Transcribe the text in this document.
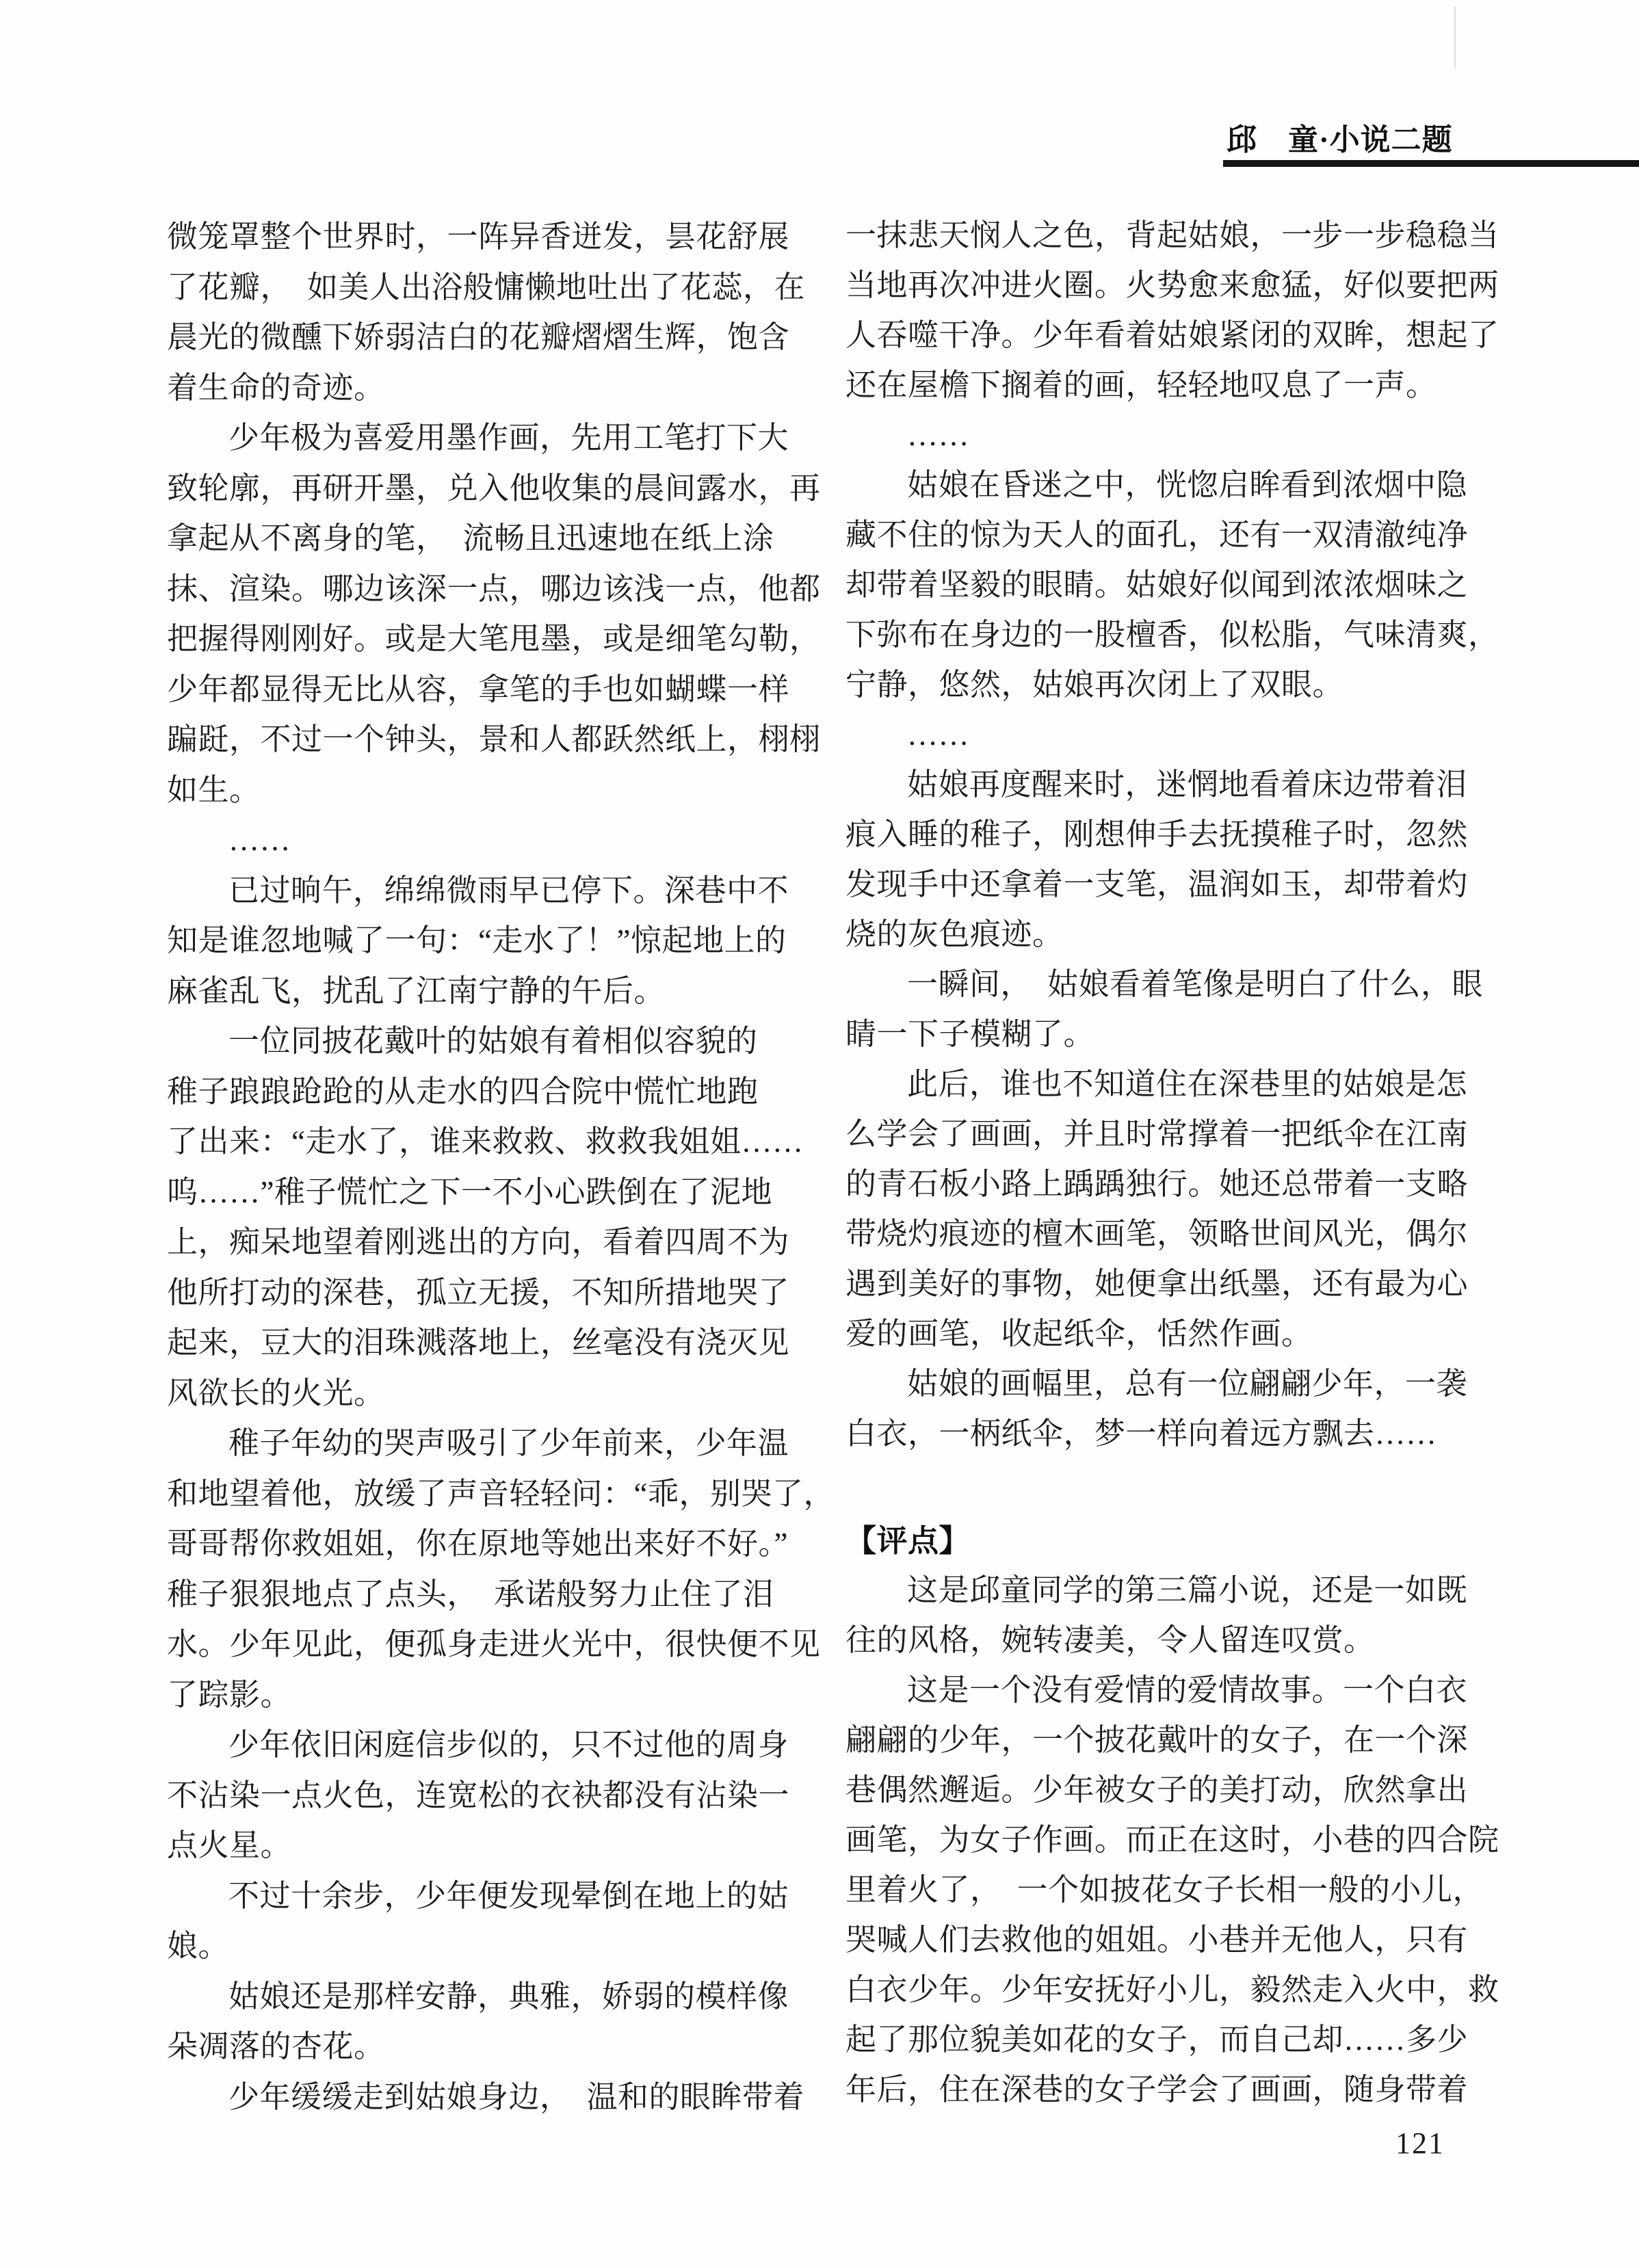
邱　童·小说二题
微笼罩整个世界时，一阵异香迸发，昙花舒展
了花瓣，　如美人出浴般慵懒地吐出了花蕊，在
晨光的微醺下娇弱洁白的花瓣熠熠生辉，饱含
着生命的奇迹。
少年极为喜爱用墨作画，先用工笔打下大
致轮廓，再研开墨，兑入他收集的晨间露水，再
拿起从不离身的笔，　流畅且迅速地在纸上涂
抹、渲染。哪边该深一点，哪边该浅一点，他都
把握得刚刚好。或是大笔甩墨，或是细笔勾勒，
少年都显得无比从容，拿笔的手也如蝴蝶一样
蹁跹，不过一个钟头，景和人都跃然纸上，栩栩
如生。
……
已过晌午，绵绵微雨早已停下。深巷中不
知是谁忽地喊了一句：“走水了！”惊起地上的
麻雀乱飞，扰乱了江南宁静的午后。
一位同披花戴叶的姑娘有着相似容貌的
稚子踉踉跄跄的从走水的四合院中慌忙地跑
了出来：“走水了，谁来救救、救救我姐姐……
呜……”稚子慌忙之下一不小心跌倒在了泥地
上，痴呆地望着刚逃出的方向，看着四周不为
他所打动的深巷，孤立无援，不知所措地哭了
起来，豆大的泪珠溅落地上，丝毫没有浇灭见
风欲长的火光。
稚子年幼的哭声吸引了少年前来，少年温
和地望着他，放缓了声音轻轻问：“乖，别哭了，
哥哥帮你救姐姐，你在原地等她出来好不好。”
稚子狠狠地点了点头，　承诺般努力止住了泪
水。少年见此，便孤身走进火光中，很快便不见
了踪影。
少年依旧闲庭信步似的，只不过他的周身
不沾染一点火色，连宽松的衣袂都没有沾染一
点火星。
不过十余步，少年便发现晕倒在地上的姑
娘。
姑娘还是那样安静，典雅，娇弱的模样像
朵凋落的杏花。
少年缓缓走到姑娘身边，　温和的眼眸带着
一抹悲天悯人之色，背起姑娘，一步一步稳稳当
当地再次冲进火圈。火势愈来愈猛，好似要把两
人吞噬干净。少年看着姑娘紧闭的双眸，想起了
还在屋檐下搁着的画，轻轻地叹息了一声。
……
姑娘在昏迷之中，恍惚启眸看到浓烟中隐
藏不住的惊为天人的面孔，还有一双清澈纯净
却带着坚毅的眼睛。姑娘好似闻到浓浓烟味之
下弥布在身边的一股檀香，似松脂，气味清爽，
宁静，悠然，姑娘再次闭上了双眼。
……
姑娘再度醒来时，迷惘地看着床边带着泪
痕入睡的稚子，刚想伸手去抚摸稚子时，忽然
发现手中还拿着一支笔，温润如玉，却带着灼
烧的灰色痕迹。
一瞬间，　姑娘看着笔像是明白了什么，眼
睛一下子模糊了。
此后，谁也不知道住在深巷里的姑娘是怎
么学会了画画，并且时常撑着一把纸伞在江南
的青石板小路上踽踽独行。她还总带着一支略
带烧灼痕迹的檀木画笔，领略世间风光，偶尔
遇到美好的事物，她便拿出纸墨，还有最为心
爱的画笔，收起纸伞，恬然作画。
姑娘的画幅里，总有一位翩翩少年，一袭
白衣，一柄纸伞，梦一样向着远方飘去……
【评点】
这是邱童同学的第三篇小说，还是一如既
往的风格，婉转凄美，令人留连叹赏。
这是一个没有爱情的爱情故事。一个白衣
翩翩的少年，一个披花戴叶的女子，在一个深
巷偶然邂逅。少年被女子的美打动，欣然拿出
画笔，为女子作画。而正在这时，小巷的四合院
里着火了，　一个如披花女子长相一般的小儿，
哭喊人们去救他的姐姐。小巷并无他人，只有
白衣少年。少年安抚好小儿，毅然走入火中，救
起了那位貌美如花的女子，而自己却……多少
年后，住在深巷的女子学会了画画，随身带着
121
